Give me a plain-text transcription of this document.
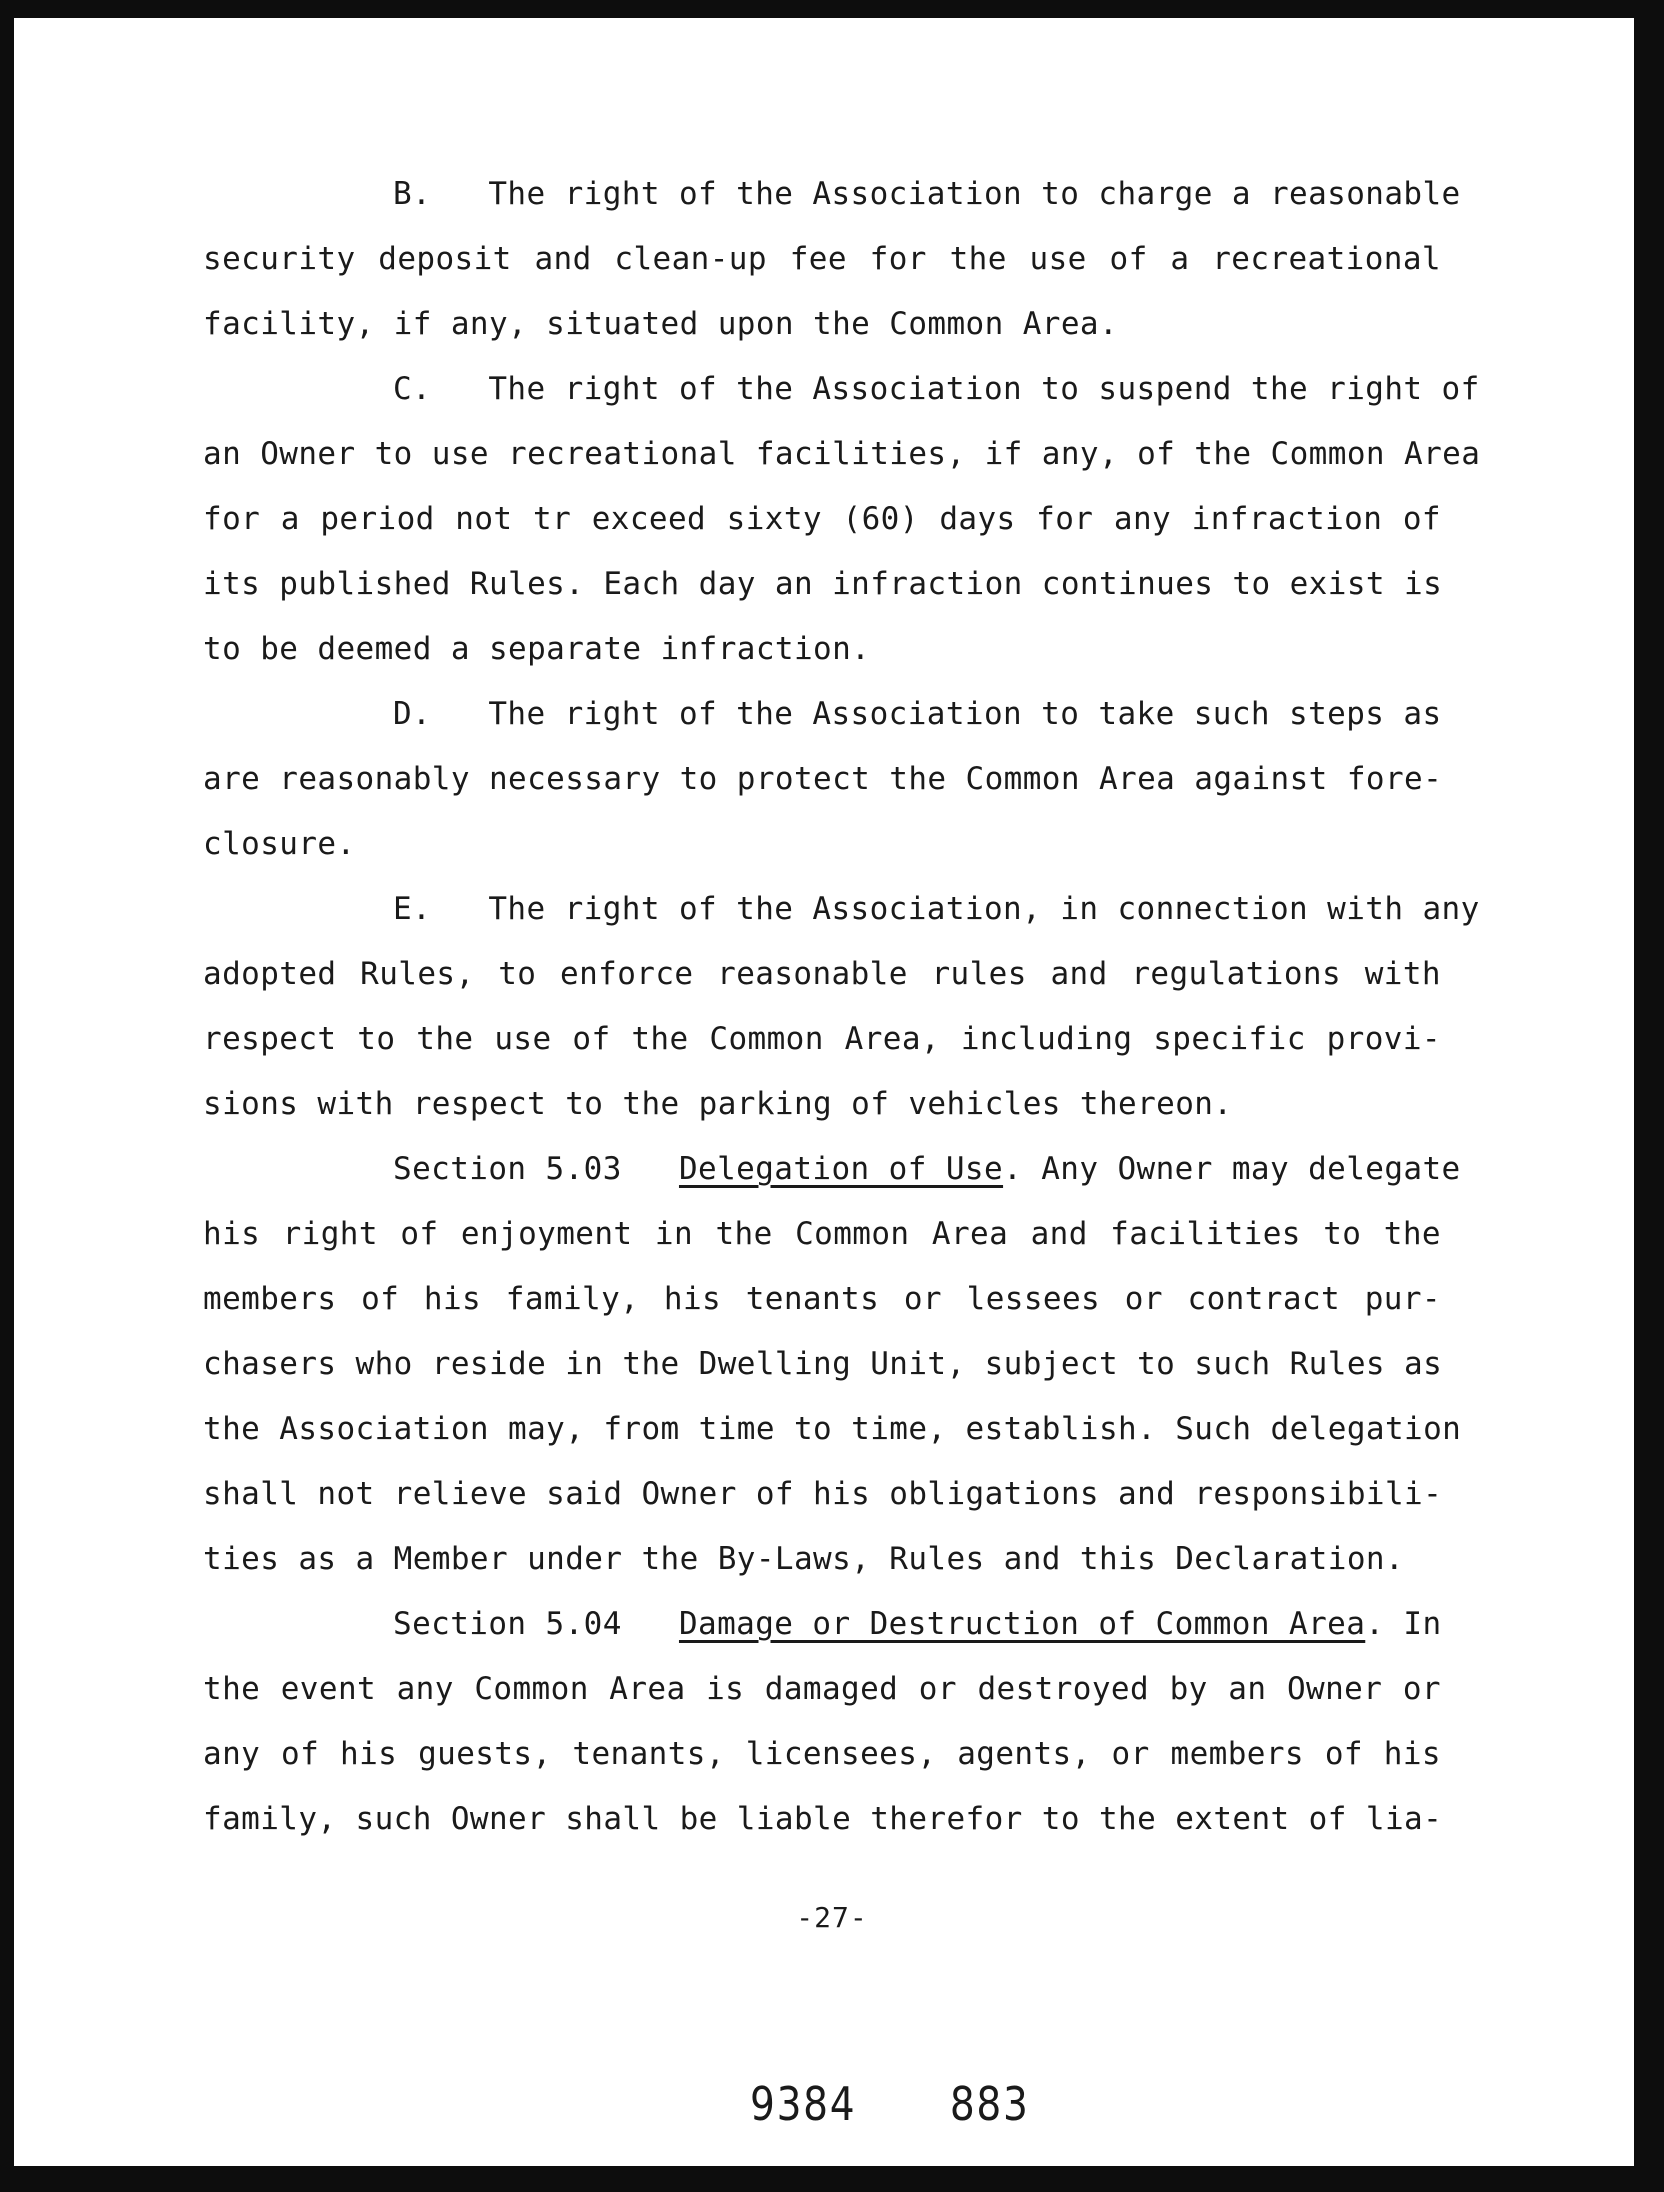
B. The right of the Association to charge a reasonable
security deposit and clean-up fee for the use of a recreational
facility, if any, situated upon the Common Area.
C. The right of the Association to suspend the right of
an Owner to use recreational facilities, if any, of the Common Area
for a period not tr exceed sixty (60) days for any infraction of
its published Rules. Each day an infraction continues to exist is
to be deemed a separate infraction.
D. The right of the Association to take such steps as
are reasonably necessary to protect the Common Area against fore-
closure.
E. The right of the Association, in connection with any
adopted Rules, to enforce reasonable rules and regulations with
respect to the use of the Common Area, including specific provi-
sions with respect to the parking of vehicles thereon.
Section 5.03 Delegation of Use. Any Owner may delegate
his right of enjoyment in the Common Area and facilities to the
members of his family, his tenants or lessees or contract pur-
chasers who reside in the Dwelling Unit, subject to such Rules as
the Association may, from time to time, establish. Such delegation
shall not relieve said Owner of his obligations and responsibili-
ties as a Member under the By-Laws, Rules and this Declaration.
Section 5.04 Damage or Destruction of Common Area. In
the event any Common Area is damaged or destroyed by an Owner or
any of his guests, tenants, licensees, agents, or members of his
family, such Owner shall be liable therefor to the extent of lia-
-27-
9384 883
